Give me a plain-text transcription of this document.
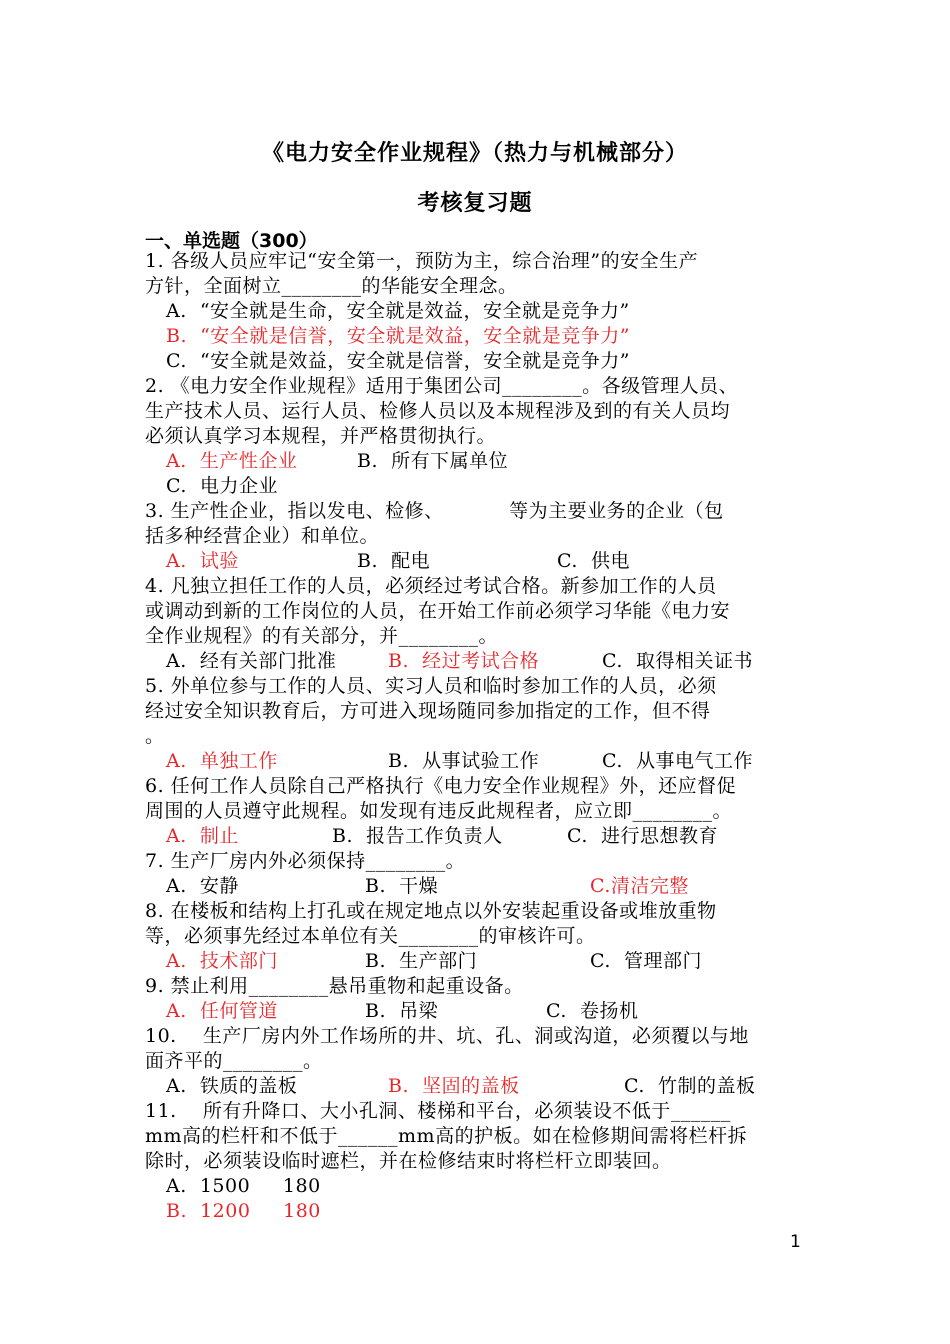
《电力安全作业规程》（热力与机械部分）
考核复习题
一、单选题（300）
1. 各级人员应牢记“安全第一，预防为主，综合治理”的安全生产
方针，全面树立________的华能安全理念。
A.  “安全就是生命，安全就是效益，安全就是竞争力”
B.  “安全就是信誉，安全就是效益，安全就是竞争力”
C.  “安全就是效益，安全就是信誉，安全就是竞争力”
2. 《电力安全作业规程》适用于集团公司________。各级管理人员、
生产技术人员、运行人员、检修人员以及本规程涉及到的有关人员均
必须认真学习本规程，并严格贯彻执行。
A.  生产性企业	B.  所有下属单位
C.  电力企业
3. 生产性企业，指以发电、检修、          等为主要业务的企业（包
括多种经营企业）和单位。
A.  试验	B.  配电	C.  供电
4. 凡独立担任工作的人员，必须经过考试合格。新参加工作的人员
或调动到新的工作岗位的人员，在开始工作前必须学习华能《电力安
全作业规程》的有关部分，并________。
A.  经有关部门批准	B.  经过考试合格	C.  取得相关证书
5. 外单位参与工作的人员、实习人员和临时参加工作的人员，必须
经过安全知识教育后，方可进入现场随同参加指定的工作，但不得
。
A.  单独工作	B.  从事试验工作	C.  从事电气工作
6. 任何工作人员除自己严格执行《电力安全作业规程》外，还应督促
周围的人员遵守此规程。如发现有违反此规程者，应立即________。
A.  制止	B.  报告工作负责人	C.  进行思想教育
7. 生产厂房内外必须保持________。
A.  安静	B.  干燥	C.清洁完整
8. 在楼板和结构上打孔或在规定地点以外安装起重设备或堆放重物
等，必须事先经过本单位有关________的审核许可。
A.  技术部门	B.  生产部门	C.  管理部门
9. 禁止利用________悬吊重物和起重设备。
A.  任何管道	B.  吊梁	C.  卷扬机
10.    生产厂房内外工作场所的井、坑、孔、洞或沟道，必须覆以与地
面齐平的________。
A.  铁质的盖板	B.  坚固的盖板	C.  竹制的盖板
11.    所有升降口、大小孔洞、楼梯和平台，必须装设不低于______
mm高的栏杆和不低于______mm高的护板。如在检修期间需将栏杆拆
除时，必须装设临时遮栏，并在检修结束时将栏杆立即装回。
A.  1500     180
B.  1200     180
1
